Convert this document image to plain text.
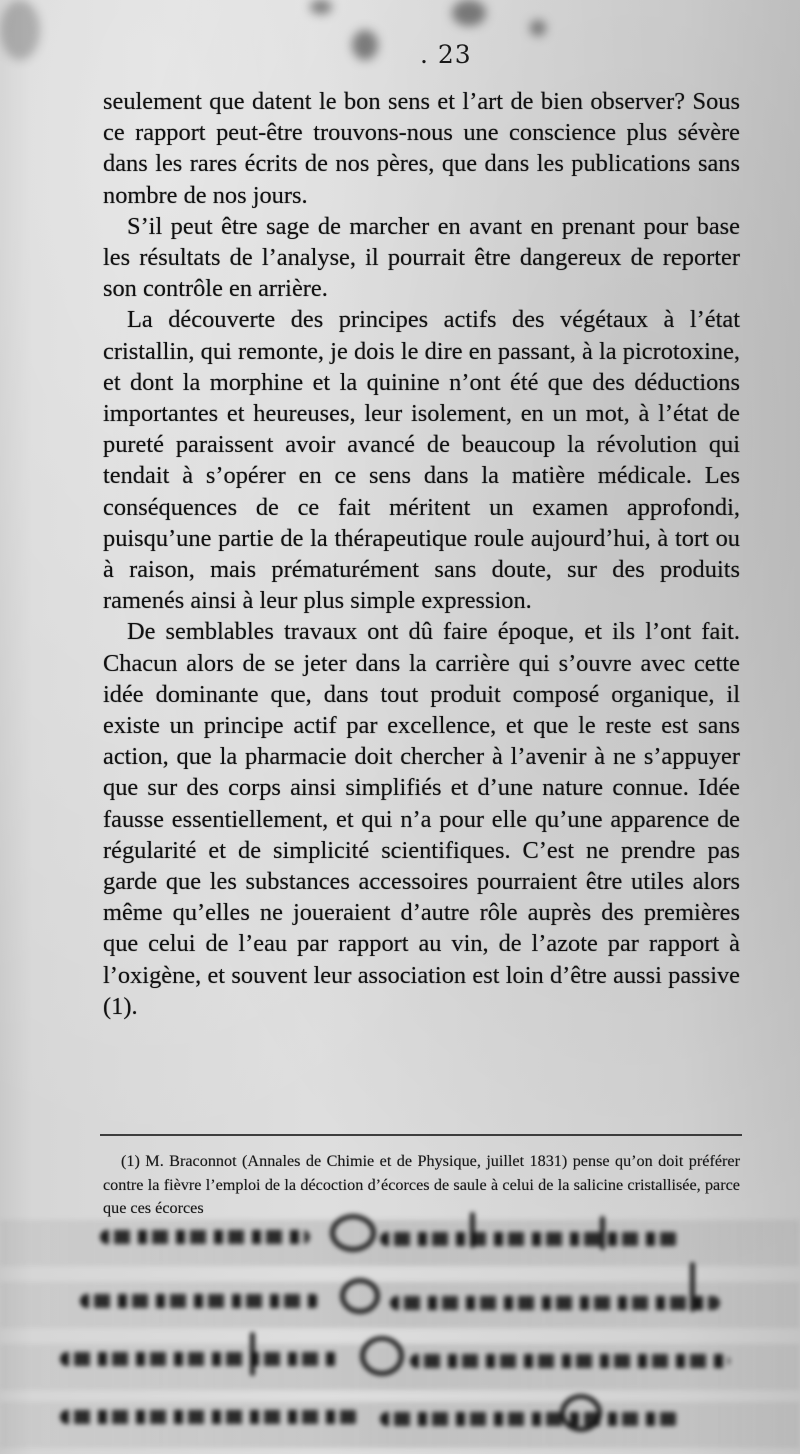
. 23

seulement que datent le bon sens et l’art de bien observer? Sous ce rapport peut-être trouvons-nous une conscience plus sévère dans les rares écrits de nos pères, que dans les publications sans nombre de nos jours.

S’il peut être sage de marcher en avant en prenant pour base les résultats de l’analyse, il pourrait être dangereux de reporter son contrôle en arrière.

La découverte des principes actifs des végétaux à l’état cristallin, qui remonte, je dois le dire en passant, à la picrotoxine, et dont la morphine et la quinine n’ont été que des déductions importantes et heureuses, leur isolement, en un mot, à l’état de pureté paraissent avoir avancé de beaucoup la révolution qui tendait à s’opérer en ce sens dans la matière médicale. Les conséquences de ce fait méritent un examen approfondi, puisqu’une partie de la thérapeutique roule aujourd’hui, à tort ou à raison, mais prématurément sans doute, sur des produits ramenés ainsi à leur plus simple expression.

De semblables travaux ont dû faire époque, et ils l’ont fait. Chacun alors de se jeter dans la carrière qui s’ouvre avec cette idée dominante que, dans tout produit composé organique, il existe un principe actif par excellence, et que le reste est sans action, que la pharmacie doit chercher à l’avenir à ne s’appuyer que sur des corps ainsi simplifiés et d’une nature connue. Idée fausse essentiellement, et qui n’a pour elle qu’une apparence de régularité et de simplicité scientifiques. C’est ne prendre pas garde que les substances accessoires pourraient être utiles alors même qu’elles ne joueraient d’autre rôle auprès des premières que celui de l’eau par rapport au vin, de l’azote par rapport à l’oxigène, et souvent leur association est loin d’être aussi passive (1).

(1) M. Braconnot (Annales de Chimie et de Physique, juillet 1831) pense qu’on doit préférer contre la fièvre l’emploi de la décoction d’écorces de saule à celui de la salicine cristallisée, parce que ces écorces
